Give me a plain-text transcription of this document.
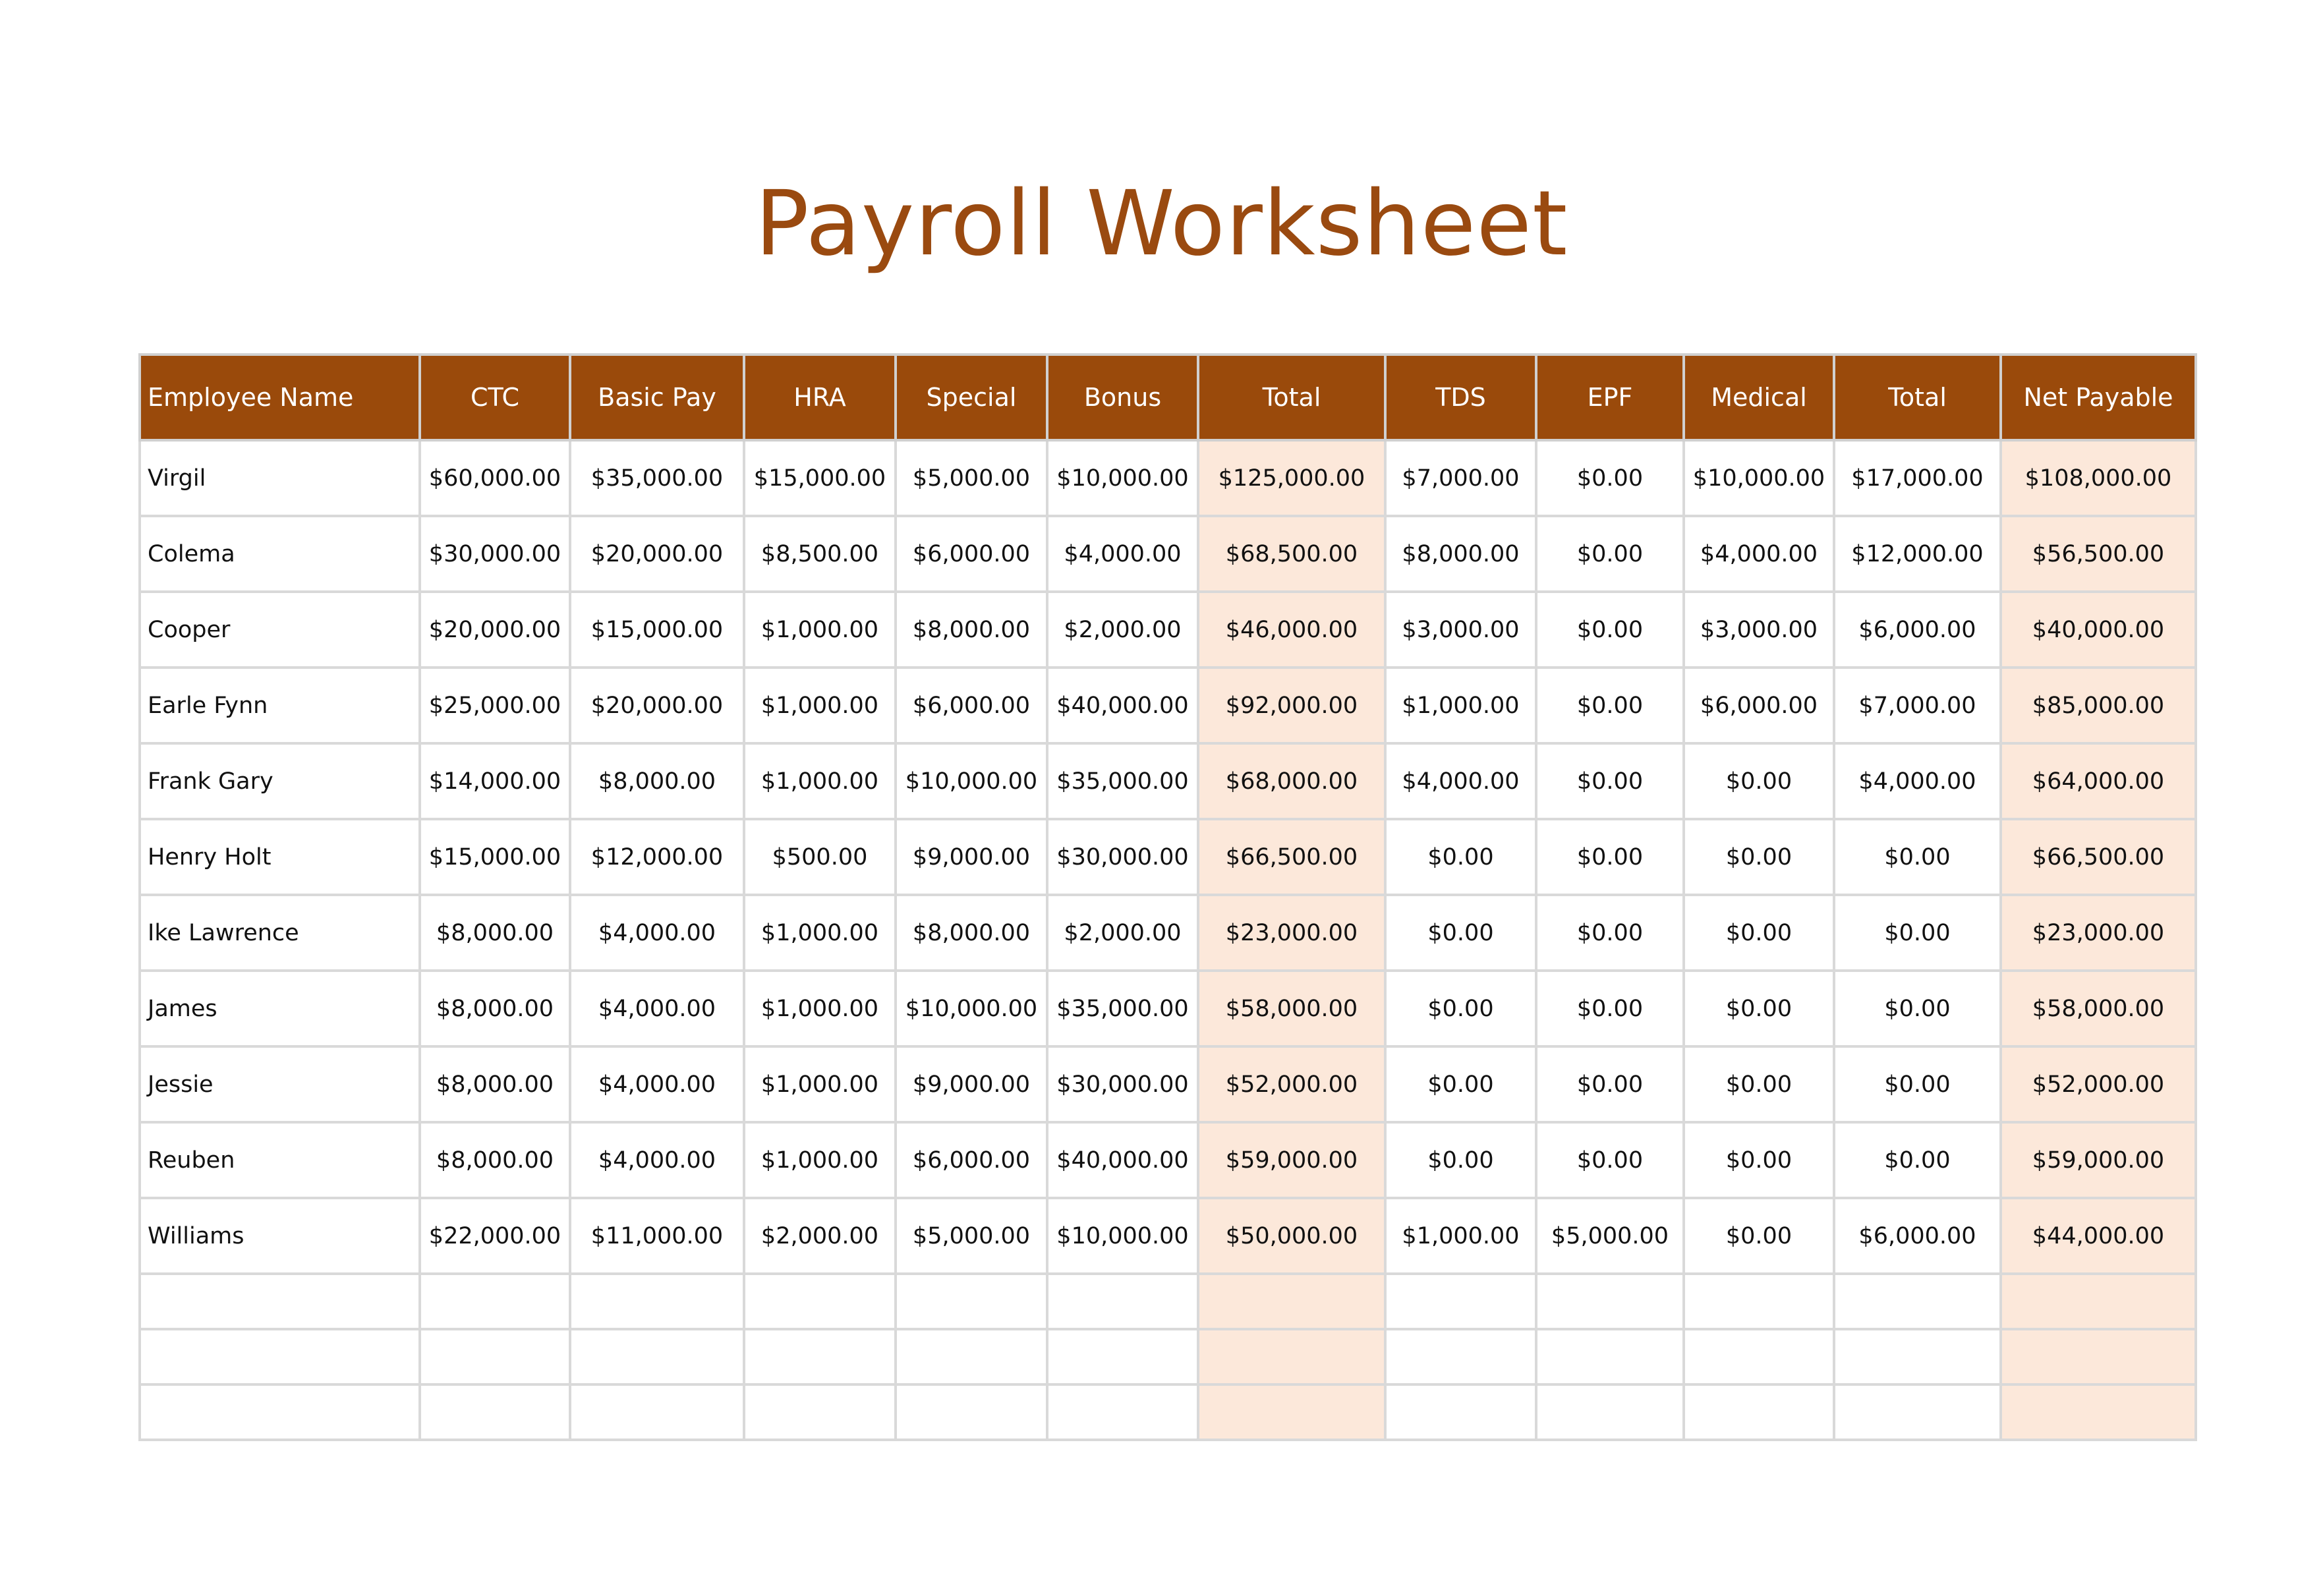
Payroll Worksheet
Employee Name	CTC	Basic Pay	HRA	Special	Bonus	Total	TDS	EPF	Medical	Total	Net Payable
Virgil	$60,000.00	$35,000.00	$15,000.00	$5,000.00	$10,000.00	$125,000.00	$7,000.00	$0.00	$10,000.00	$17,000.00	$108,000.00
Colema	$30,000.00	$20,000.00	$8,500.00	$6,000.00	$4,000.00	$68,500.00	$8,000.00	$0.00	$4,000.00	$12,000.00	$56,500.00
Cooper	$20,000.00	$15,000.00	$1,000.00	$8,000.00	$2,000.00	$46,000.00	$3,000.00	$0.00	$3,000.00	$6,000.00	$40,000.00
Earle Fynn	$25,000.00	$20,000.00	$1,000.00	$6,000.00	$40,000.00	$92,000.00	$1,000.00	$0.00	$6,000.00	$7,000.00	$85,000.00
Frank Gary	$14,000.00	$8,000.00	$1,000.00	$10,000.00	$35,000.00	$68,000.00	$4,000.00	$0.00	$0.00	$4,000.00	$64,000.00
Henry Holt	$15,000.00	$12,000.00	$500.00	$9,000.00	$30,000.00	$66,500.00	$0.00	$0.00	$0.00	$0.00	$66,500.00
Ike Lawrence	$8,000.00	$4,000.00	$1,000.00	$8,000.00	$2,000.00	$23,000.00	$0.00	$0.00	$0.00	$0.00	$23,000.00
James	$8,000.00	$4,000.00	$1,000.00	$10,000.00	$35,000.00	$58,000.00	$0.00	$0.00	$0.00	$0.00	$58,000.00
Jessie	$8,000.00	$4,000.00	$1,000.00	$9,000.00	$30,000.00	$52,000.00	$0.00	$0.00	$0.00	$0.00	$52,000.00
Reuben	$8,000.00	$4,000.00	$1,000.00	$6,000.00	$40,000.00	$59,000.00	$0.00	$0.00	$0.00	$0.00	$59,000.00
Williams	$22,000.00	$11,000.00	$2,000.00	$5,000.00	$10,000.00	$50,000.00	$1,000.00	$5,000.00	$0.00	$6,000.00	$44,000.00
